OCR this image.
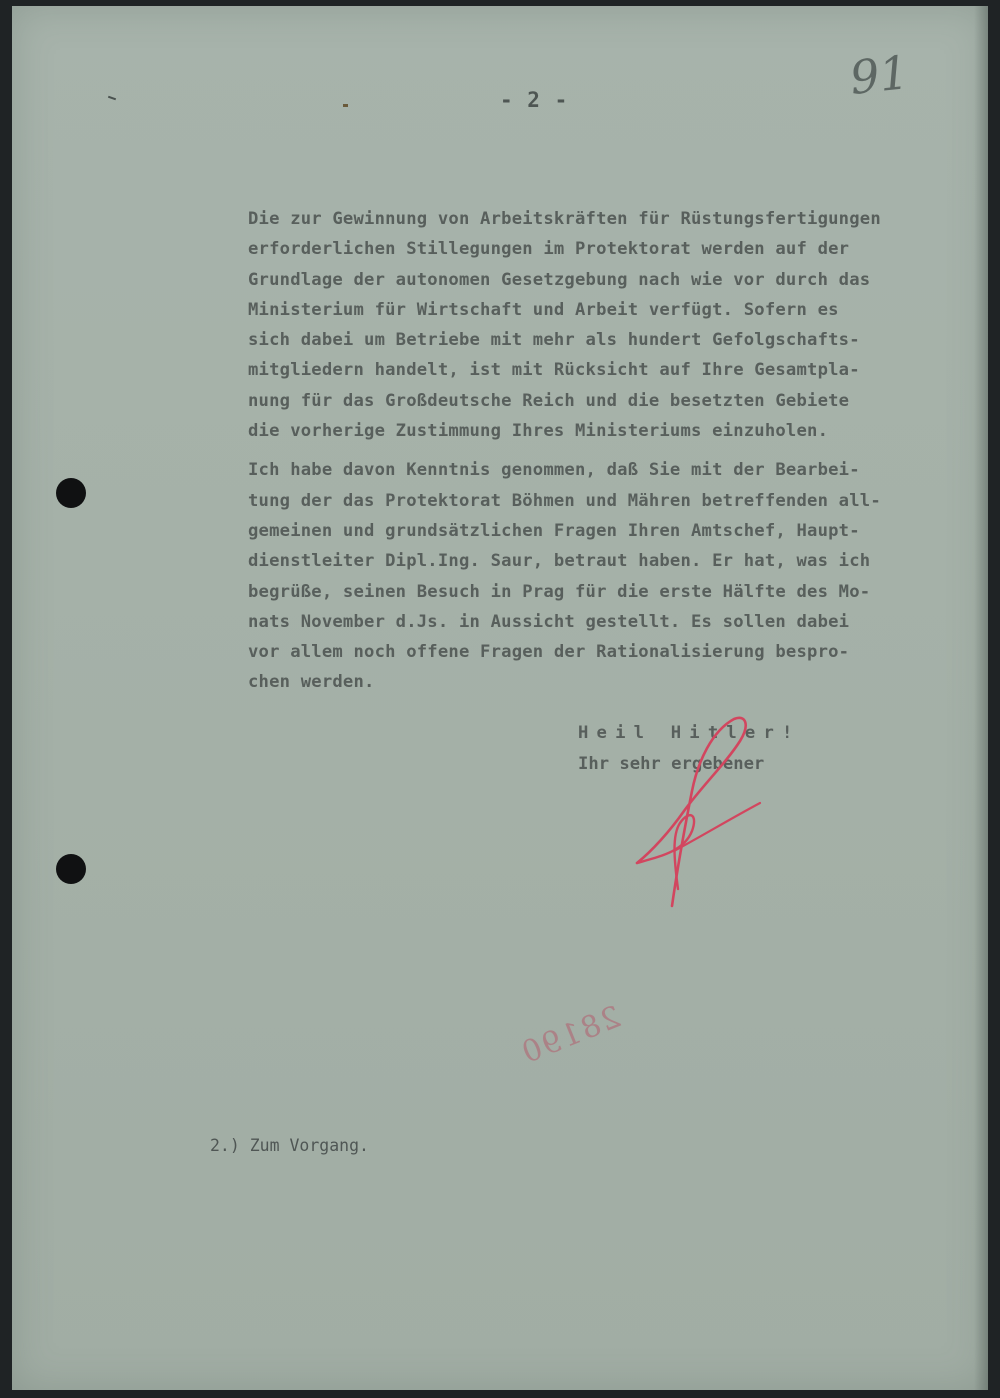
- 2 -	91

Die zur Gewinnung von Arbeitskräften für Rüstungsfertigungen
erforderlichen Stillegungen im Protektorat werden auf der
Grundlage der autonomen Gesetzgebung nach wie vor durch das
Ministerium für Wirtschaft und Arbeit verfügt. Sofern es
sich dabei um Betriebe mit mehr als hundert Gefolgschafts-
mitgliedern handelt, ist mit Rücksicht auf Ihre Gesamtpla-
nung für das Großdeutsche Reich und die besetzten Gebiete
die vorherige Zustimmung Ihres Ministeriums einzuholen.

Ich habe davon Kenntnis genommen, daß Sie mit der Bearbei-
tung der das Protektorat Böhmen und Mähren betreffenden all-
gemeinen und grundsätzlichen Fragen Ihren Amtschef, Haupt-
dienstleiter Dipl.Ing. Saur, betraut haben. Er hat, was ich
begrüße, seinen Besuch in Prag für die erste Hälfte des Mo-
nats November d.Js. in Aussicht gestellt. Es sollen dabei
vor allem noch offene Fragen der Rationalisierung bespro-
chen werden.

Heil Hitler!
Ihr sehr ergebener
28190
2.) Zum Vorgang.
